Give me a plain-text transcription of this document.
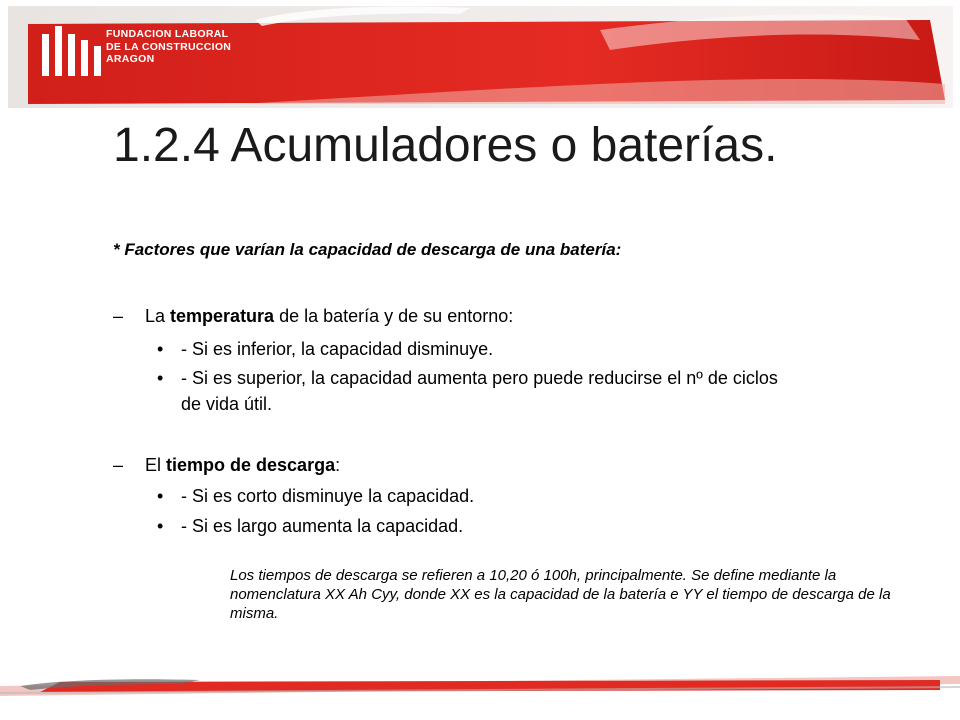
FUNDACION LABORAL
DE LA CONSTRUCCION
ARAGON
1.2.4 Acumuladores o baterías.

* Factores que varían la capacidad de descarga de una batería:

– La temperatura de la batería y de su entorno:

• - Si es inferior, la capacidad disminuye.

• - Si es superior, la capacidad aumenta pero puede reducirse el nº de ciclos

de vida útil.

– El tiempo de descarga:

• - Si es corto disminuye la capacidad.

• - Si es largo aumenta la capacidad.

Los tiempos de descarga se refieren a 10,20 ó 100h, principalmente. Se define mediante la nomenclatura XX Ah Cyy, donde XX es la capacidad de la batería e YY el tiempo de descarga de la misma.
